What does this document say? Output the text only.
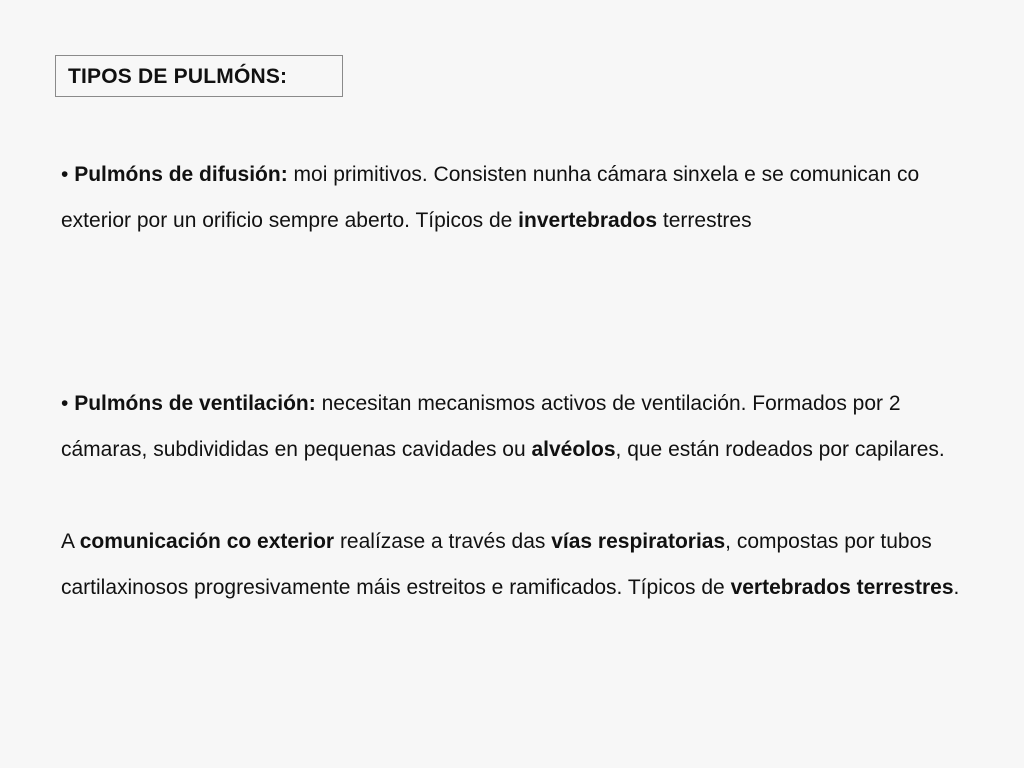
TIPOS DE PULMÓNS:
• Pulmóns de difusión: moi primitivos. Consisten nunha cámara sinxela e se comunican co exterior por un orificio sempre aberto. Típicos de invertebrados terrestres
• Pulmóns de ventilación: necesitan mecanismos activos de ventilación. Formados por 2 cámaras, subdivididas en pequenas cavidades ou alvéolos, que están rodeados por capilares.
A comunicación co exterior realízase a través das vías respiratorias, compostas por tubos cartilaxinosos progresivamente máis estreitos e ramificados. Típicos de vertebrados terrestres.
